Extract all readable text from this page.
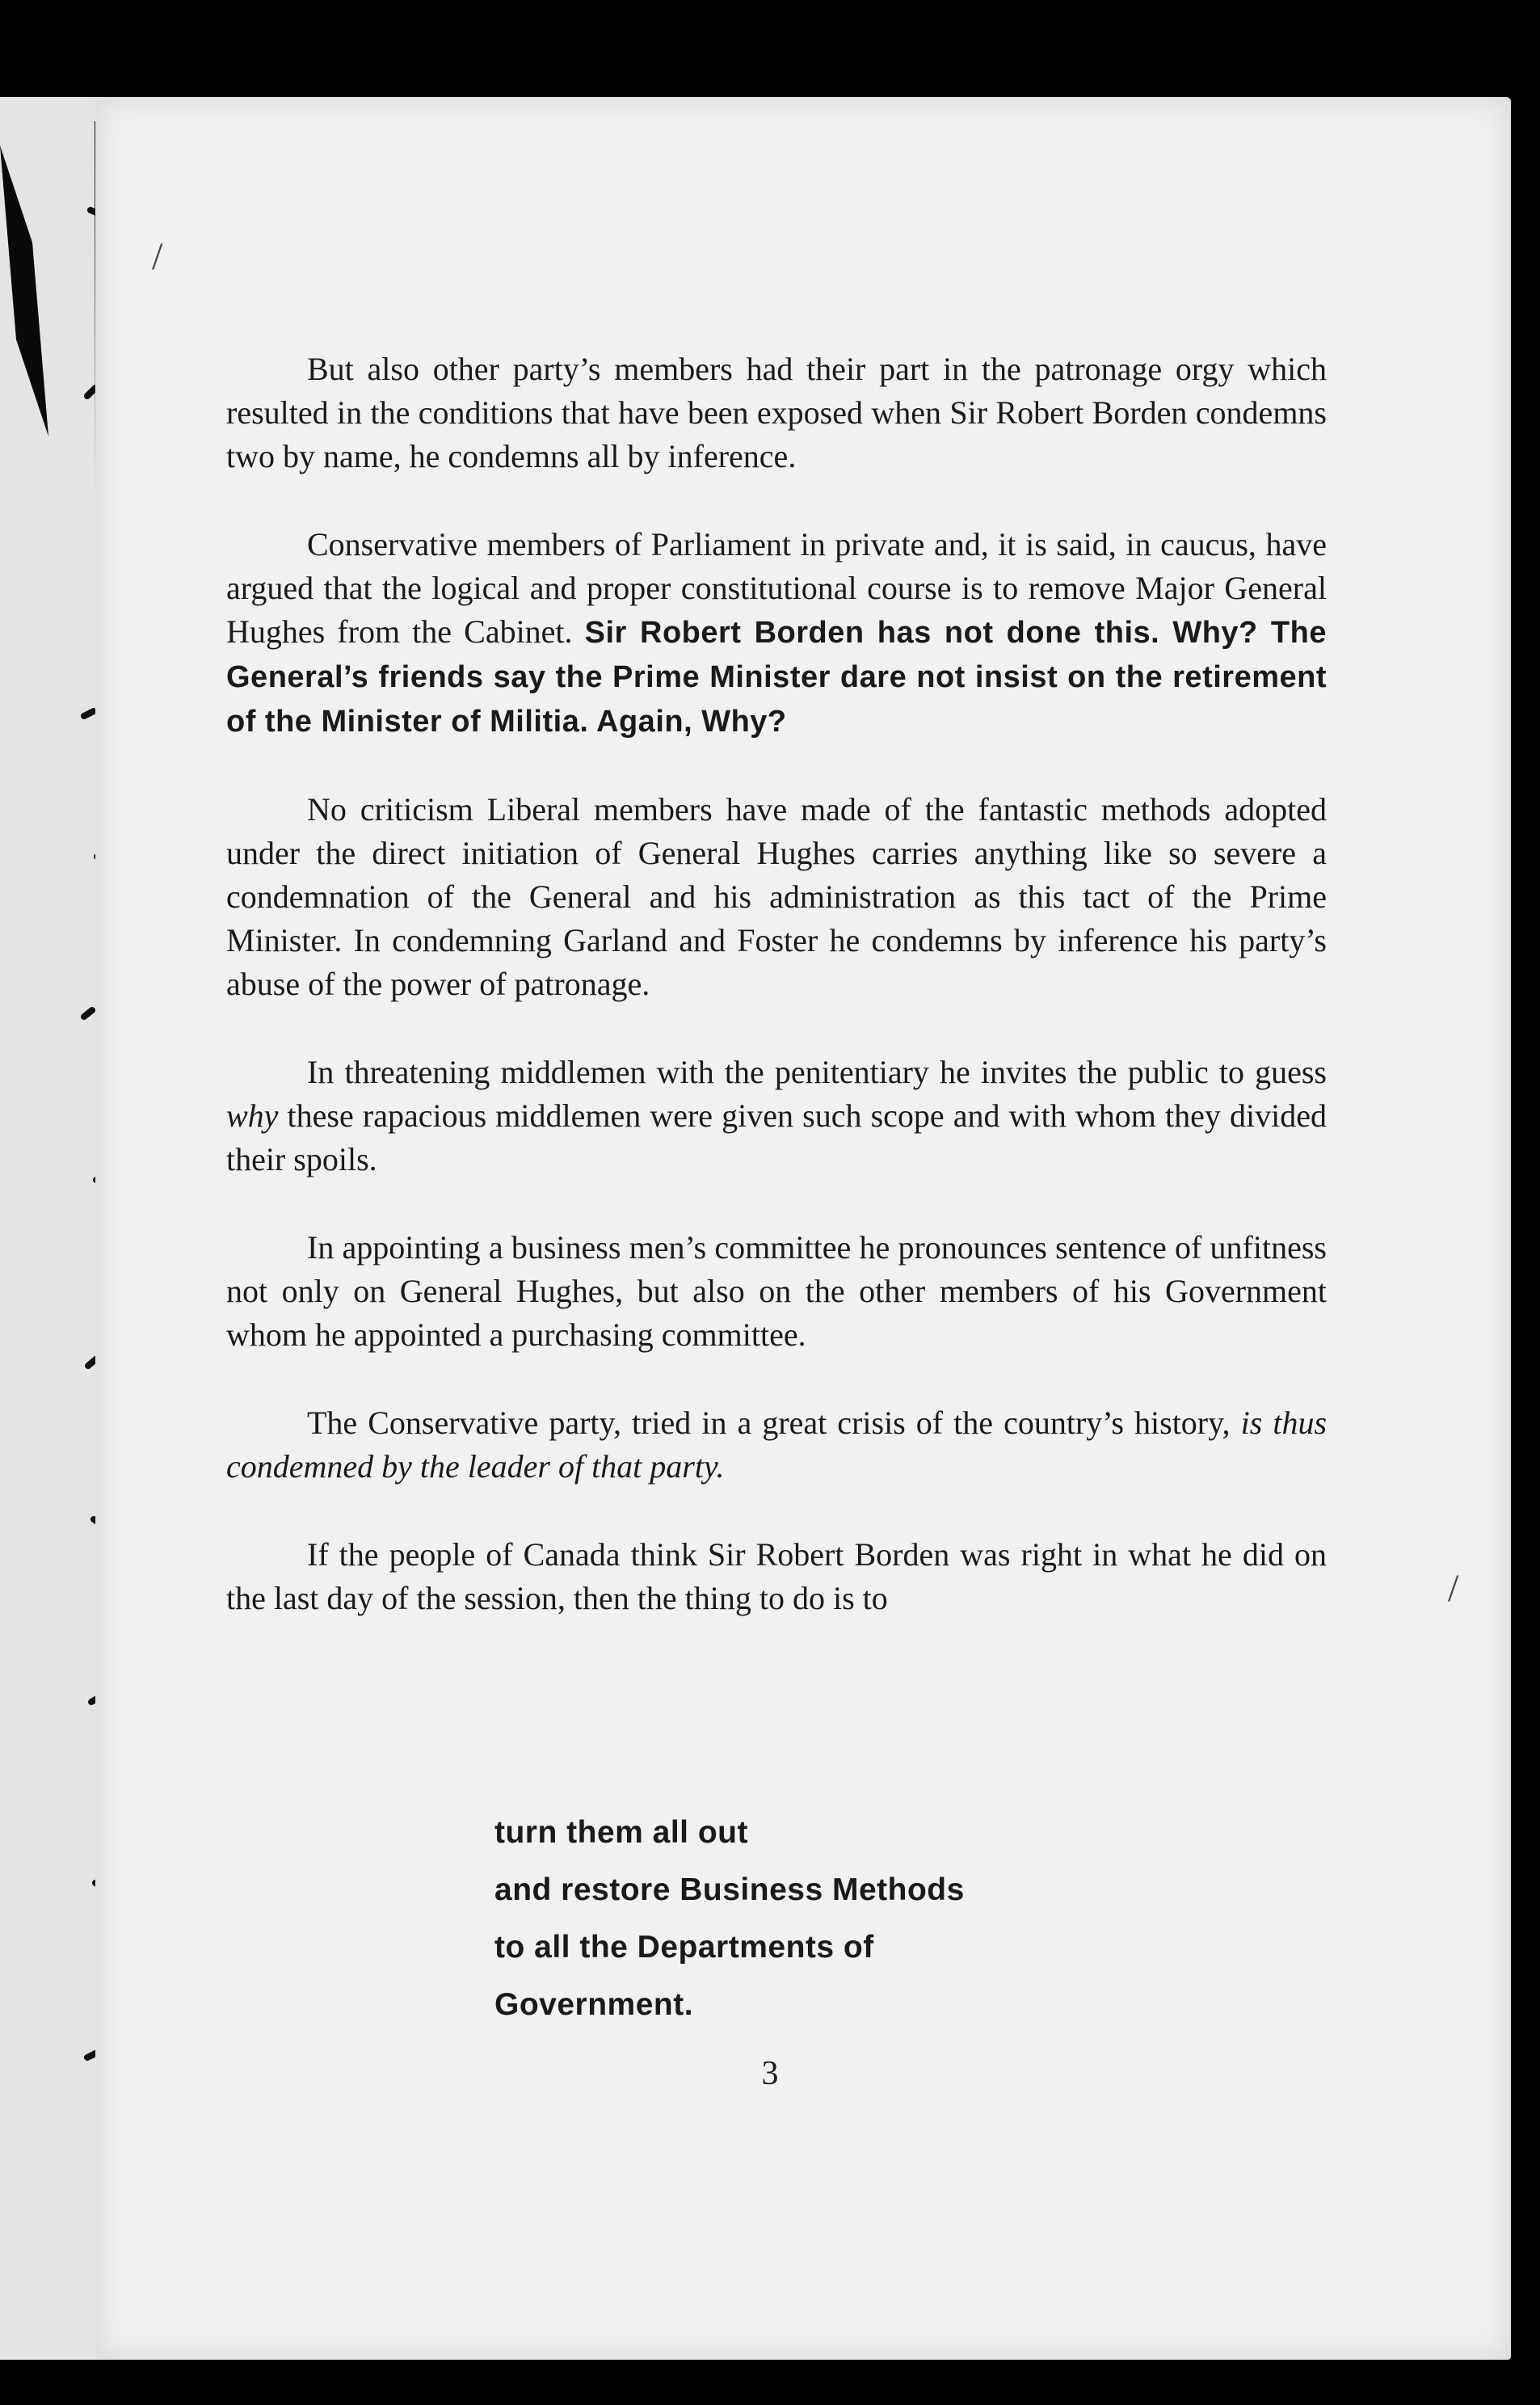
/
/

But also other party’s members had their part in the patronage orgy which resulted in the conditions that have been exposed when Sir Robert Borden condemns two by name, he condemns all by inference.

Conservative members of Parliament in private and, it is said, in caucus, have argued that the logical and proper constitutional course is to remove Major General Hughes from the Cabinet. Sir Robert Borden has not done this. Why? The General’s friends say the Prime Minister dare not insist on the retirement of the Minister of Militia. Again, Why?

No criticism Liberal members have made of the fantastic methods adopted under the direct initiation of General Hughes carries anything like so severe a condemnation of the General and his administration as this tact of the Prime Minister. In condemning Garland and Foster he condemns by inference his party’s abuse of the power of patronage.

In threatening middlemen with the penitentiary he invites the public to guess why these rapacious middlemen were given such scope and with whom they divided their spoils.

In appointing a business men’s committee he pronounces sentence of unfitness not only on General Hughes, but also on the other members of his Government whom he appointed a purchasing committee.

The Conservative party, tried in a great crisis of the country’s history, is thus condemned by the leader of that party.

If the people of Canada think Sir Robert Borden was right in what he did on the last day of the session, then the thing to do is to

turn them all out
and restore Business Methods
to all the Departments of
Government.
3
